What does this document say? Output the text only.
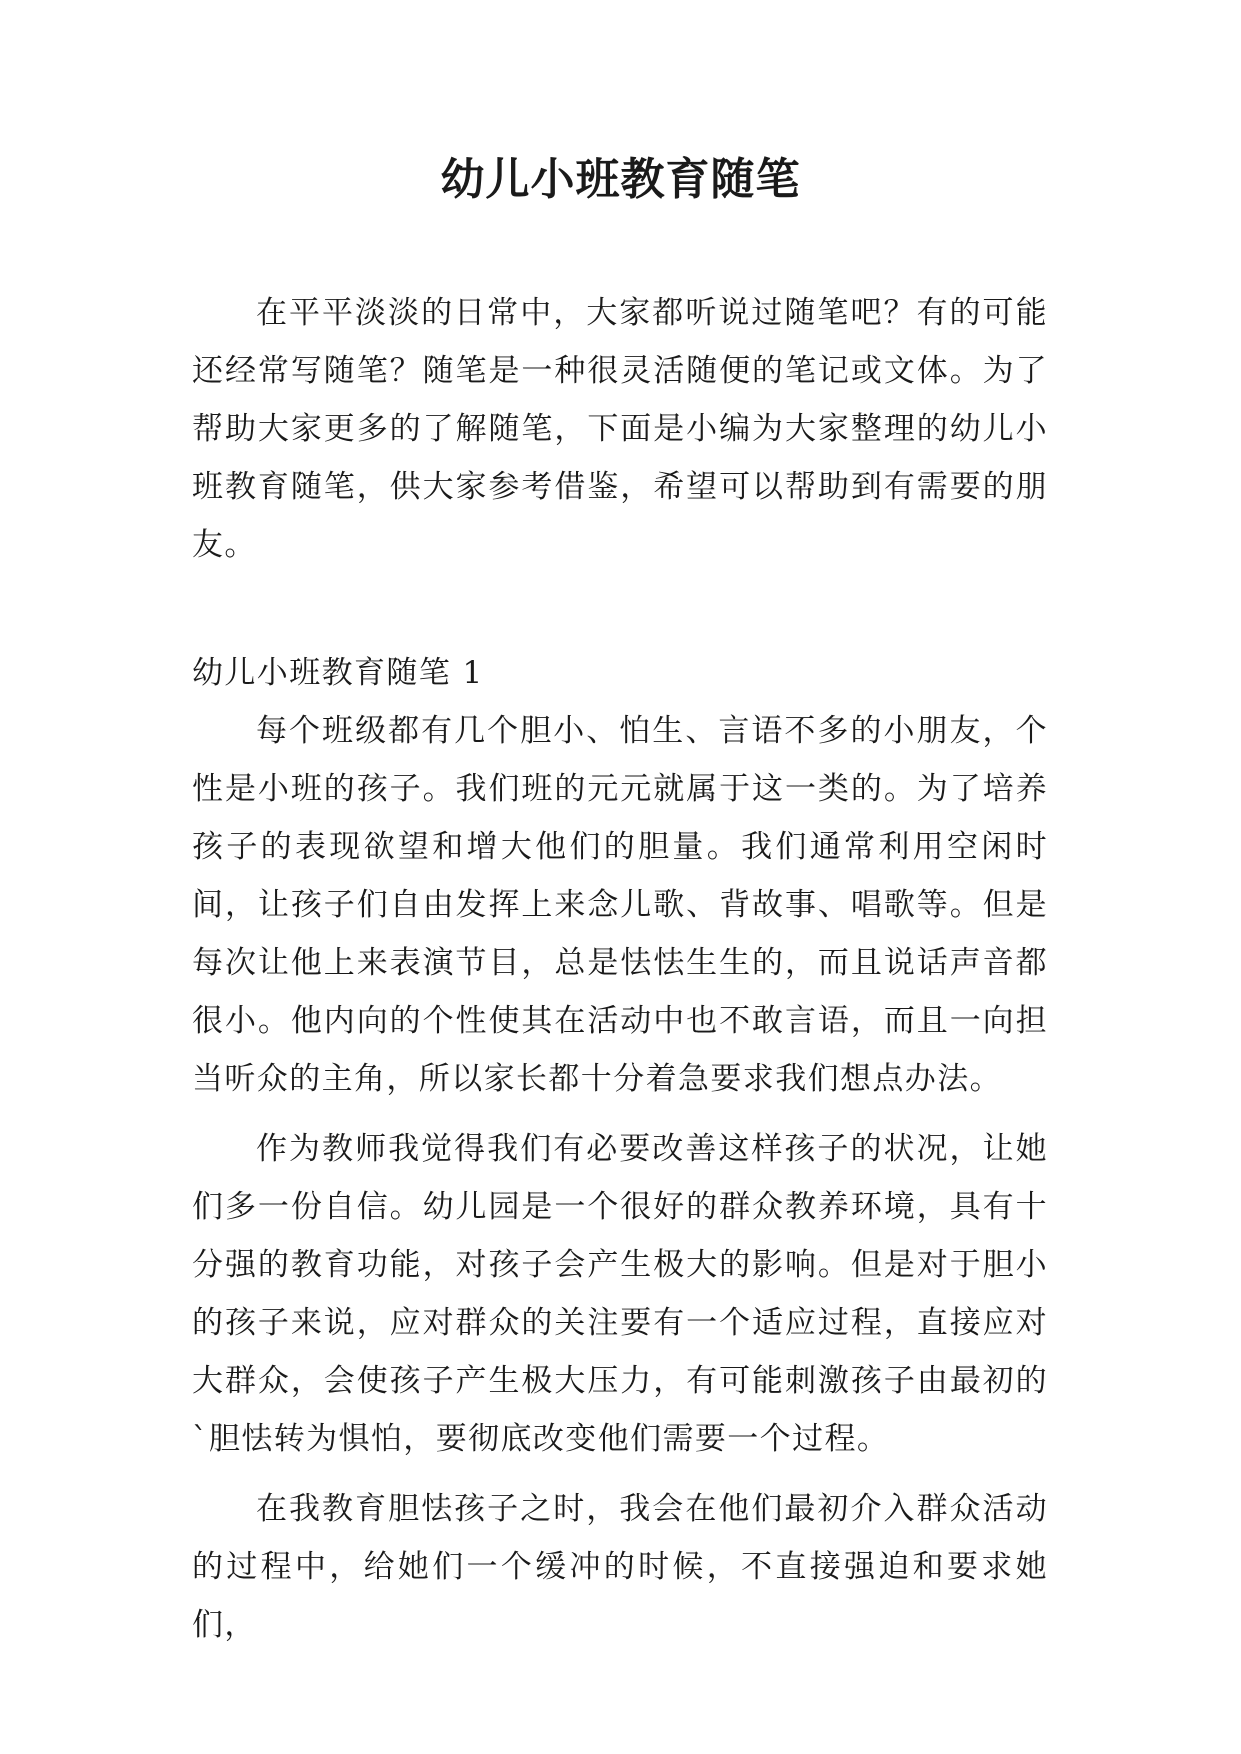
幼儿小班教育随笔

在平平淡淡的日常中，大家都听说过随笔吧？有的可能还经常写随笔？随笔是一种很灵活随便的笔记或文体。为了帮助大家更多的了解随笔，下面是小编为大家整理的幼儿小班教育随笔，供大家参考借鉴，希望可以帮助到有需要的朋友。

幼儿小班教育随笔 1

每个班级都有几个胆小、怕生、言语不多的小朋友，个性是小班的孩子。我们班的元元就属于这一类的。为了培养孩子的表现欲望和增大他们的胆量。我们通常利用空闲时间，让孩子们自由发挥上来念儿歌、背故事、唱歌等。但是每次让他上来表演节目，总是怯怯生生的，而且说话声音都很小。他内向的个性使其在活动中也不敢言语，而且一向担当听众的主角，所以家长都十分着急要求我们想点办法。

作为教师我觉得我们有必要改善这样孩子的状况，让她们多一份自信。幼儿园是一个很好的群众教养环境，具有十分强的教育功能，对孩子会产生极大的影响。但是对于胆小的孩子来说，应对群众的关注要有一个适应过程，直接应对大群众，会使孩子产生极大压力，有可能刺激孩子由最初的`胆怯转为惧怕，要彻底改变他们需要一个过程。

在我教育胆怯孩子之时，我会在他们最初介入群众活动的过程中，给她们一个缓冲的时候，不直接强迫和要求她们，
